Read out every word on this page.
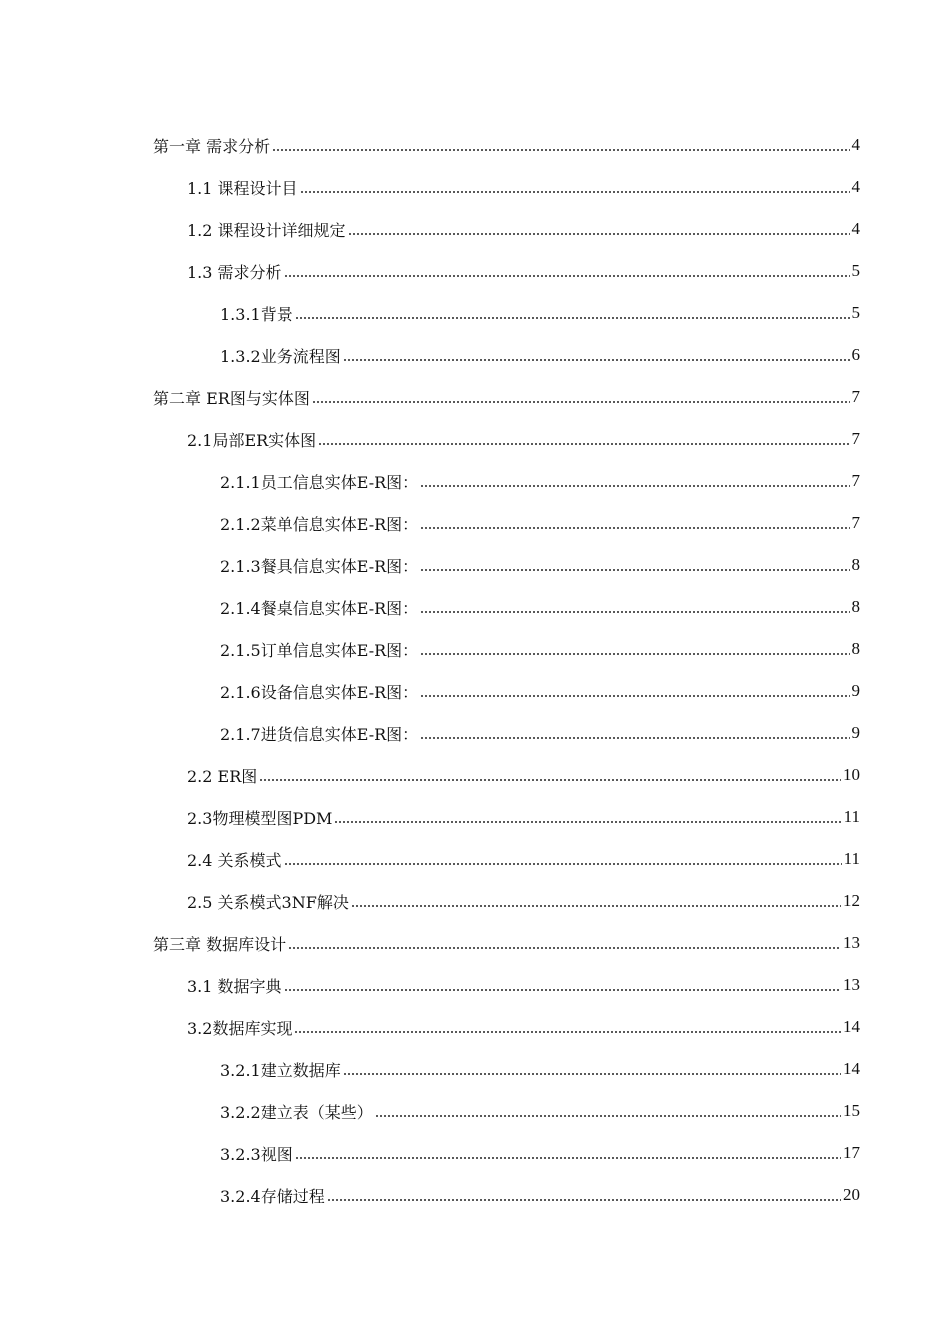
第一章 需求分析	4
1.1 课程设计目	4
1.2 课程设计详细规定	4
1.3 需求分析	5
1.3.1背景	5
1.3.2业务流程图	6
第二章 ER图与实体图	7
2.1局部ER实体图	7
2.1.1员工信息实体E-R图：	7
2.1.2菜单信息实体E-R图：	7
2.1.3餐具信息实体E-R图：	8
2.1.4餐桌信息实体E-R图：	8
2.1.5订单信息实体E-R图：	8
2.1.6设备信息实体E-R图：	9
2.1.7进货信息实体E-R图：	9
2.2 ER图	10
2.3物理模型图PDM	11
2.4 关系模式	11
2.5 关系模式3NF解决	12
第三章 数据库设计	13
3.1 数据字典	13
3.2数据库实现	14
3.2.1建立数据库	14
3.2.2建立表（某些）	15
3.2.3视图	17
3.2.4存储过程	20
